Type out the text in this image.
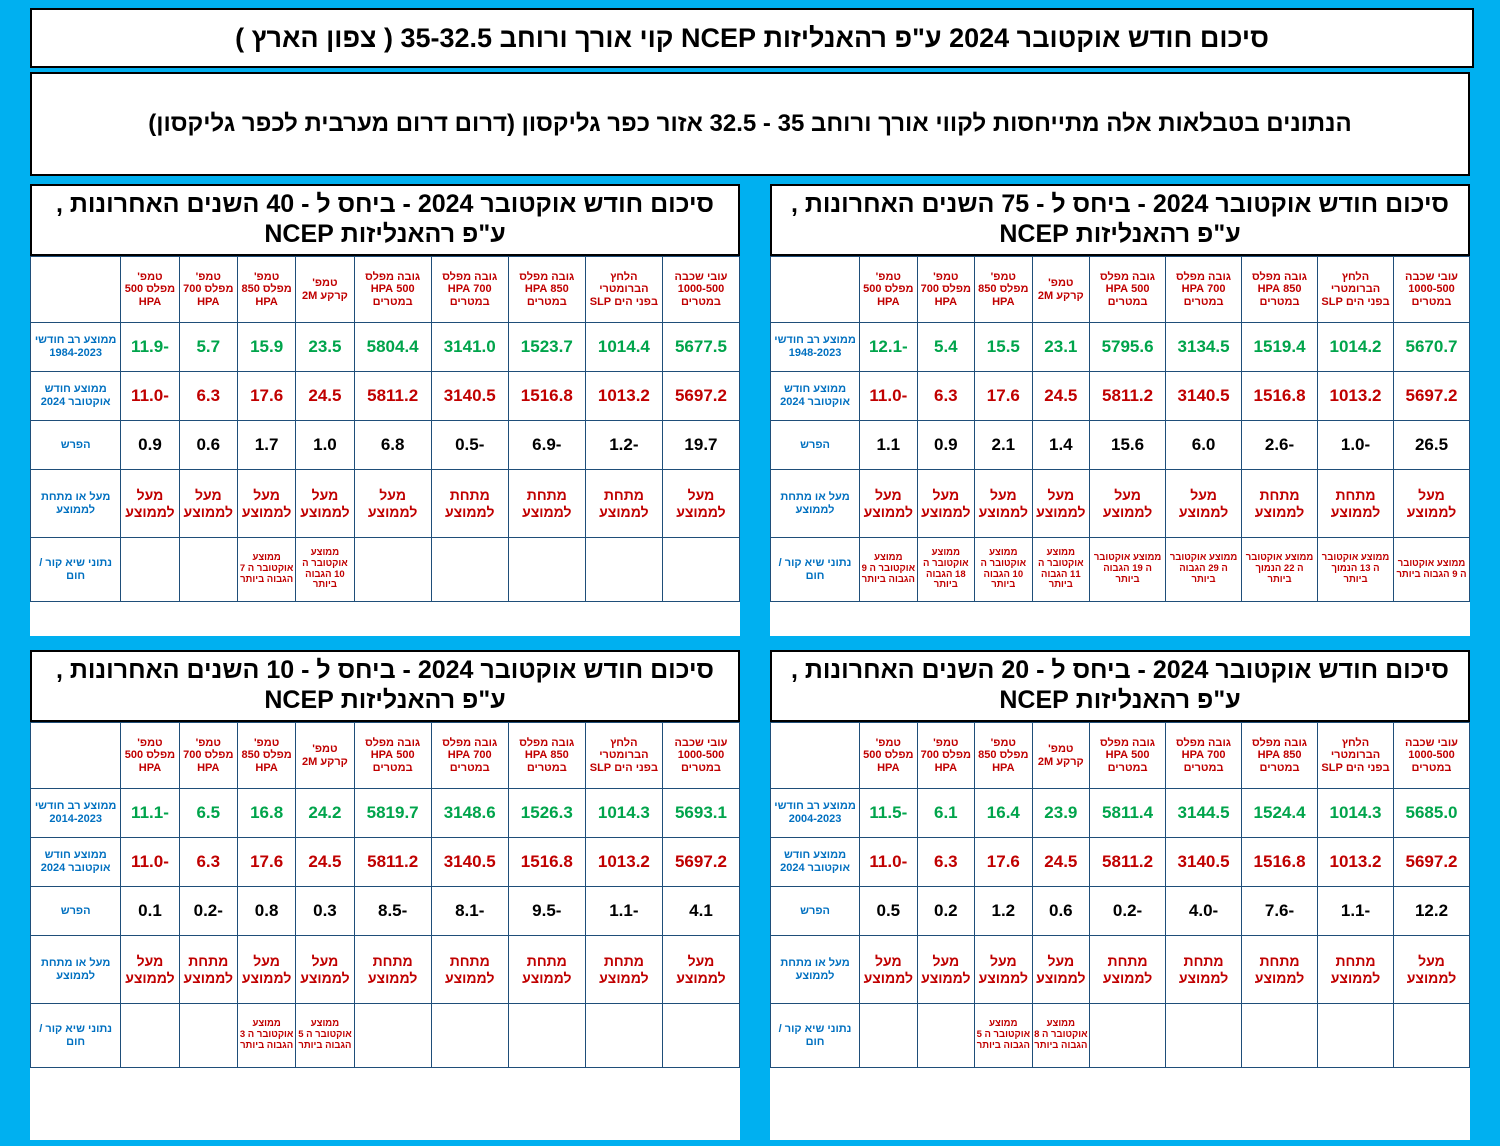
סיכום חודש אוקטובר 2024 ע"פ רהאנליזות NCEP קוי אורך ורוחב 35-32.5 ( צפון הארץ )
הנתונים בטבלאות אלה מתייחסות לקווי אורך ורוחב 35 - 32.5 אזור כפר גליקסון (דרום דרום מערבית לכפר גליקסון)
סיכום חודש אוקטובר 2024 - ביחס ל - 40 השנים האחרונות , ע"פ רהאנליזות NCEP
עובי שכבה 1000-500 במטרים	הלחץ הברומטרי בפני הים SLP	גובה מפלס 850 HPA במטרים	גובה מפלס 700 HPA במטרים	גובה מפלס 500 HPA במטרים	טמפ' קרקע 2M	טמפ' מפלס 850 HPA	טמפ' מפלס 700 HPA	טמפ' מפלס 500 HPA	
5677.5	1014.4	1523.7	3141.0	5804.4	23.5	15.9	5.7	-11.9	ממוצע רב חודשי 1984-2023
5697.2	1013.2	1516.8	3140.5	5811.2	24.5	17.6	6.3	-11.0	ממוצע חודש אוקטובר 2024
19.7	-1.2	-6.9	-0.5	6.8	1.0	1.7	0.6	0.9	הפרש
מעל לממוצע	מתחת לממוצע	מתחת לממוצע	מתחת לממוצע	מעל לממוצע	מעל לממוצע	מעל לממוצע	מעל לממוצע	מעל לממוצע	מעל או מתחת לממוצע
					ממוצע אוקטובר ה 10 הגבוה ביותר	ממוצע אוקטובר ה 7 הגבוה ביותר			נתוני שיא קור / חום
סיכום חודש אוקטובר 2024 - ביחס ל - 75 השנים האחרונות , ע"פ רהאנליזות NCEP
עובי שכבה 1000-500 במטרים	הלחץ הברומטרי בפני הים SLP	גובה מפלס 850 HPA במטרים	גובה מפלס 700 HPA במטרים	גובה מפלס 500 HPA במטרים	טמפ' קרקע 2M	טמפ' מפלס 850 HPA	טמפ' מפלס 700 HPA	טמפ' מפלס 500 HPA	
5670.7	1014.2	1519.4	3134.5	5795.6	23.1	15.5	5.4	-12.1	ממוצע רב חודשי 1948-2023
5697.2	1013.2	1516.8	3140.5	5811.2	24.5	17.6	6.3	-11.0	ממוצע חודש אוקטובר 2024
26.5	-1.0	-2.6	6.0	15.6	1.4	2.1	0.9	1.1	הפרש
מעל לממוצע	מתחת לממוצע	מתחת לממוצע	מעל לממוצע	מעל לממוצע	מעל לממוצע	מעל לממוצע	מעל לממוצע	מעל לממוצע	מעל או מתחת לממוצע
ממוצע אוקטובר ה 9 הגבוה ביותר	ממוצע אוקטובר ה 13 הנמוך ביותר	ממוצע אוקטובר ה 22 הנמוך ביותר	ממוצע אוקטובר ה 29 הגבוה ביותר	ממוצע אוקטובר ה 19 הגבוה ביותר	ממוצע אוקטובר ה 11 הגבוה ביותר	ממוצע אוקטובר ה 10 הגבוה ביותר	ממוצע אוקטובר ה 18 הגבוה ביותר	ממוצע אוקטובר ה 9 הגבוה ביותר	נתוני שיא קור / חום
סיכום חודש אוקטובר 2024 - ביחס ל - 10 השנים האחרונות , ע"פ רהאנליזות NCEP
עובי שכבה 1000-500 במטרים	הלחץ הברומטרי בפני הים SLP	גובה מפלס 850 HPA במטרים	גובה מפלס 700 HPA במטרים	גובה מפלס 500 HPA במטרים	טמפ' קרקע 2M	טמפ' מפלס 850 HPA	טמפ' מפלס 700 HPA	טמפ' מפלס 500 HPA	
5693.1	1014.3	1526.3	3148.6	5819.7	24.2	16.8	6.5	-11.1	ממוצע רב חודשי 2014-2023
5697.2	1013.2	1516.8	3140.5	5811.2	24.5	17.6	6.3	-11.0	ממוצע חודש אוקטובר 2024
4.1	-1.1	-9.5	-8.1	-8.5	0.3	0.8	-0.2	0.1	הפרש
מעל לממוצע	מתחת לממוצע	מתחת לממוצע	מתחת לממוצע	מתחת לממוצע	מעל לממוצע	מעל לממוצע	מתחת לממוצע	מעל לממוצע	מעל או מתחת לממוצע
					ממוצע אוקטובר ה 5 הגבוה ביותר	ממוצע אוקטובר ה 3 הגבוה ביותר			נתוני שיא קור / חום
סיכום חודש אוקטובר 2024 - ביחס ל - 20 השנים האחרונות , ע"פ רהאנליזות NCEP
עובי שכבה 1000-500 במטרים	הלחץ הברומטרי בפני הים SLP	גובה מפלס 850 HPA במטרים	גובה מפלס 700 HPA במטרים	גובה מפלס 500 HPA במטרים	טמפ' קרקע 2M	טמפ' מפלס 850 HPA	טמפ' מפלס 700 HPA	טמפ' מפלס 500 HPA	
5685.0	1014.3	1524.4	3144.5	5811.4	23.9	16.4	6.1	-11.5	ממוצע רב חודשי 2004-2023
5697.2	1013.2	1516.8	3140.5	5811.2	24.5	17.6	6.3	-11.0	ממוצע חודש אוקטובר 2024
12.2	-1.1	-7.6	-4.0	-0.2	0.6	1.2	0.2	0.5	הפרש
מעל לממוצע	מתחת לממוצע	מתחת לממוצע	מתחת לממוצע	מתחת לממוצע	מעל לממוצע	מעל לממוצע	מעל לממוצע	מעל לממוצע	מעל או מתחת לממוצע
					ממוצע אוקטובר ה 8 הגבוה ביותר	ממוצע אוקטובר ה 5 הגבוה ביותר			נתוני שיא קור / חום
